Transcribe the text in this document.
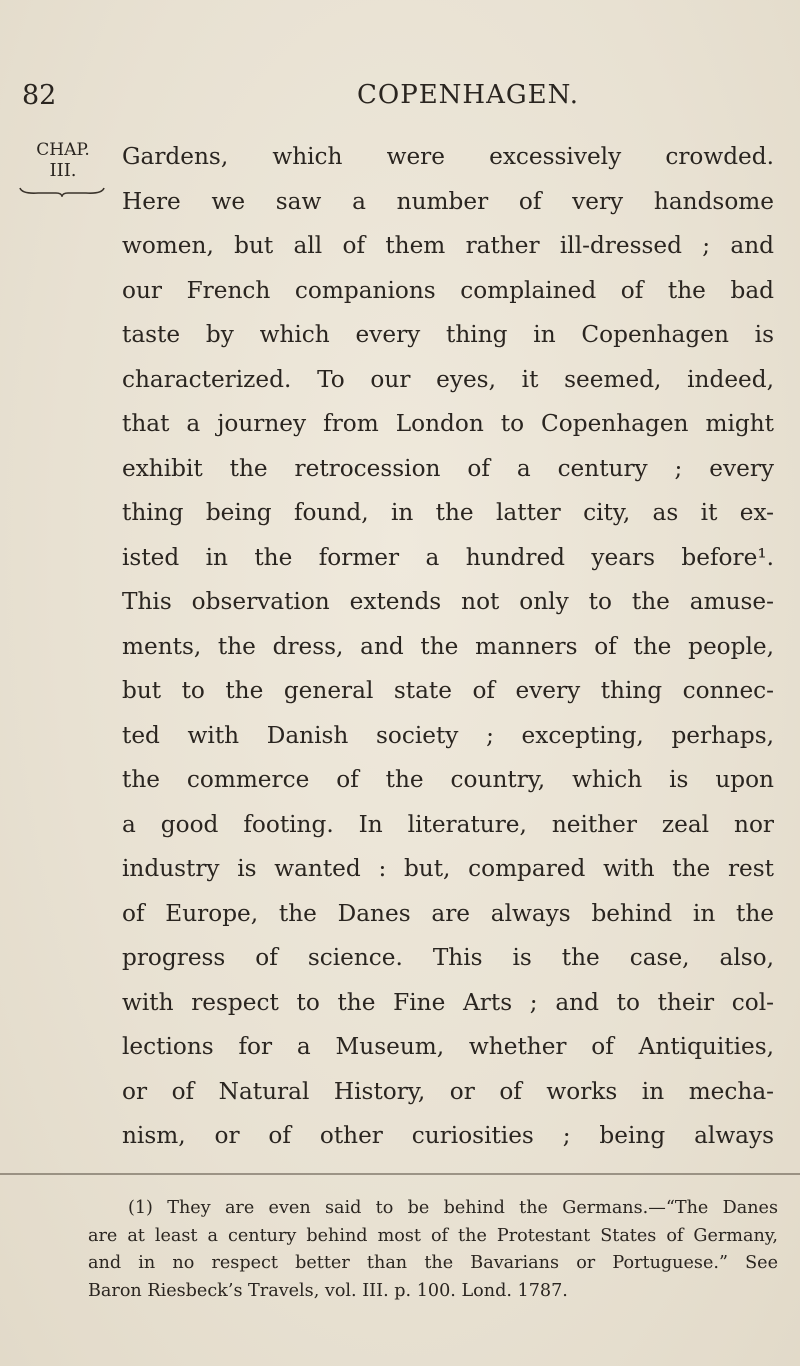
82	COPENHAGEN.
CHAP.
III.
Gardens, which were excessively crowded.
Here we saw a number of very handsome
women, but all of them rather ill-dressed ; and
our French companions complained of the bad
taste by which every thing in Copenhagen is
characterized. To our eyes, it seemed, indeed,
that a journey from London to Copenhagen might
exhibit the retrocession of a century ; every
thing being found, in the latter city, as it ex-
isted in the former a hundred years before¹.
This observation extends not only to the amuse-
ments, the dress, and the manners of the people,
but to the general state of every thing connec-
ted with Danish society ; excepting, perhaps,
the commerce of the country, which is upon
a good footing. In literature, neither zeal nor
industry is wanted : but, compared with the rest
of Europe, the Danes are always behind in the
progress of science. This is the case, also,
with respect to the Fine Arts ; and to their col-
lections for a Museum, whether of Antiquities,
or of Natural History, or of works in mecha-
nism, or of other curiosities ; being always
(1) They are even said to be behind the Germans.—“The Danes
are at least a century behind most of the Protestant States of Germany,
and in no respect better than the Bavarians or Portuguese.” See
Baron Riesbeck’s Travels, vol. III. p. 100. Lond. 1787.
